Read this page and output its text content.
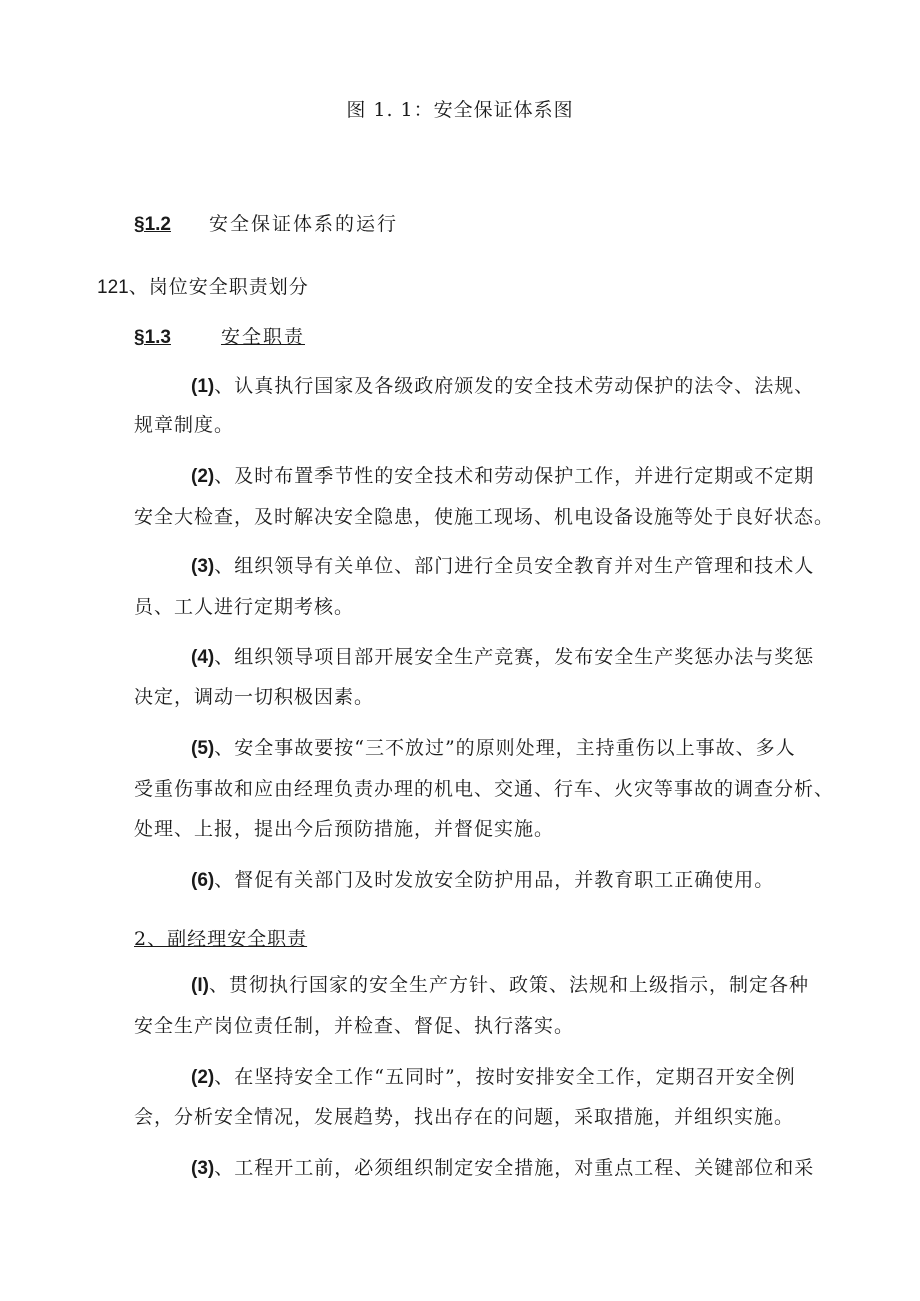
图 1. 1：安全保证体系图
§1.2 安全保证体系的运行
121、岗位安全职责划分
§1.3	安全职责
(1)、认真执行国家及各级政府颁发的安全技术劳动保护的法令、法规、
规章制度。
(2)、及时布置季节性的安全技术和劳动保护工作，并进行定期或不定期
安全大检查，及时解决安全隐患，使施工现场、机电设备设施等处于良好状态。
(3)、组织领导有关单位、部门进行全员安全教育并对生产管理和技术人
员、工人进行定期考核。
(4)、组织领导项目部开展安全生产竞赛，发布安全生产奖惩办法与奖惩
决定，调动一切积极因素。
(5)、安全事故要按“三不放过”的原则处理，主持重伤以上事故、多人
受重伤事故和应由经理负责办理的机电、交通、行车、火灾等事故的调查分析、
处理、上报，提出今后预防措施，并督促实施。
(6)、督促有关部门及时发放安全防护用品，并教育职工正确使用。
2、副经理安全职责
(I)、贯彻执行国家的安全生产方针、政策、法规和上级指示，制定各种
安全生产岗位责任制，并检查、督促、执行落实。
(2)、在坚持安全工作“五同时”，按时安排安全工作，定期召开安全例
会，分析安全情况，发展趋势，找出存在的问题，采取措施，并组织实施。
(3)、工程开工前，必须组织制定安全措施，对重点工程、关键部位和采
